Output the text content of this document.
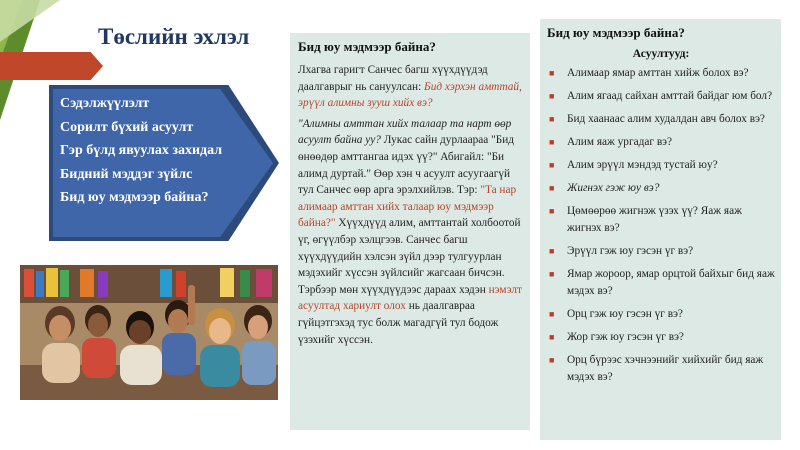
Төслийн эхлэл
Сэдэлжүүлэлт
Сорилт бүхий асуулт
Гэр бүлд явуулах захидал
Бидний мэддэг зүйлс
Бид юу мэдмээр байна?
Бид юу мэдмээр байна?

Лхагва гаригт Санчес багш хүүхдүүдэд даалгаврыг нь сануулсан: Бид хэрхэн амттай, эрүүл алимны зууш хийх вэ?

"Алимны амттан хийх талаар та нарт өөр асуулт байна уу? Лукас сайн дурлаараа "Бид өнөөдөр амттангаа идэх үү?" Абигайл: "Би алимд дуртай." Өөр хэн ч асуулт асуугаагүй тул Санчес өөр арга эрэлхийлэв. Тэр: "Та нар алимаар амттан хийх талаар юу мэдмээр байна?" Хүүхдүүд алим, амттантай холбоотой үг, өгүүлбэр хэлцгээв. Санчес багш хүүхдүүдийн хэлсэн зүйл дээр тулгуурлан мэдэхийг хүссэн зүйлсийг жагсаан бичсэн. Тэрбээр мөн хүүхдүүдээс дараах хэдэн нэмэлт асуултад хариулт олох нь даалгавраа гүйцэтгэхэд тус болж магадгүй тул бодож үзэхийг хүссэн.

Бид юу мэдмээр байна?
Асуултууд:
■ Алимаар ямар амттан хийж болох вэ?
■ Алим ягаад сайхан амттай байдаг юм бол?
■ Бид хаанаас алим худалдан авч болох вэ?
■ Алим яаж ургадаг вэ?
■ Алим эрүүл мэндэд тустай юу?
■ Жигнэх гэж юу вэ?
■ Цөмөөрөө жигнэж үзэх үү? Яаж яаж жигнэх вэ?
■ Эрүүл гэж юу гэсэн үг вэ?
■ Ямар жороор, ямар орцтой байхыг бид яаж мэдэх вэ?
■ Орц гэж юу гэсэн үг вэ?
■ Жор гэж юу гэсэн үг вэ?
■ Орц бүрээс хэчнээнийг хийхийг бид яаж мэдэх вэ?
